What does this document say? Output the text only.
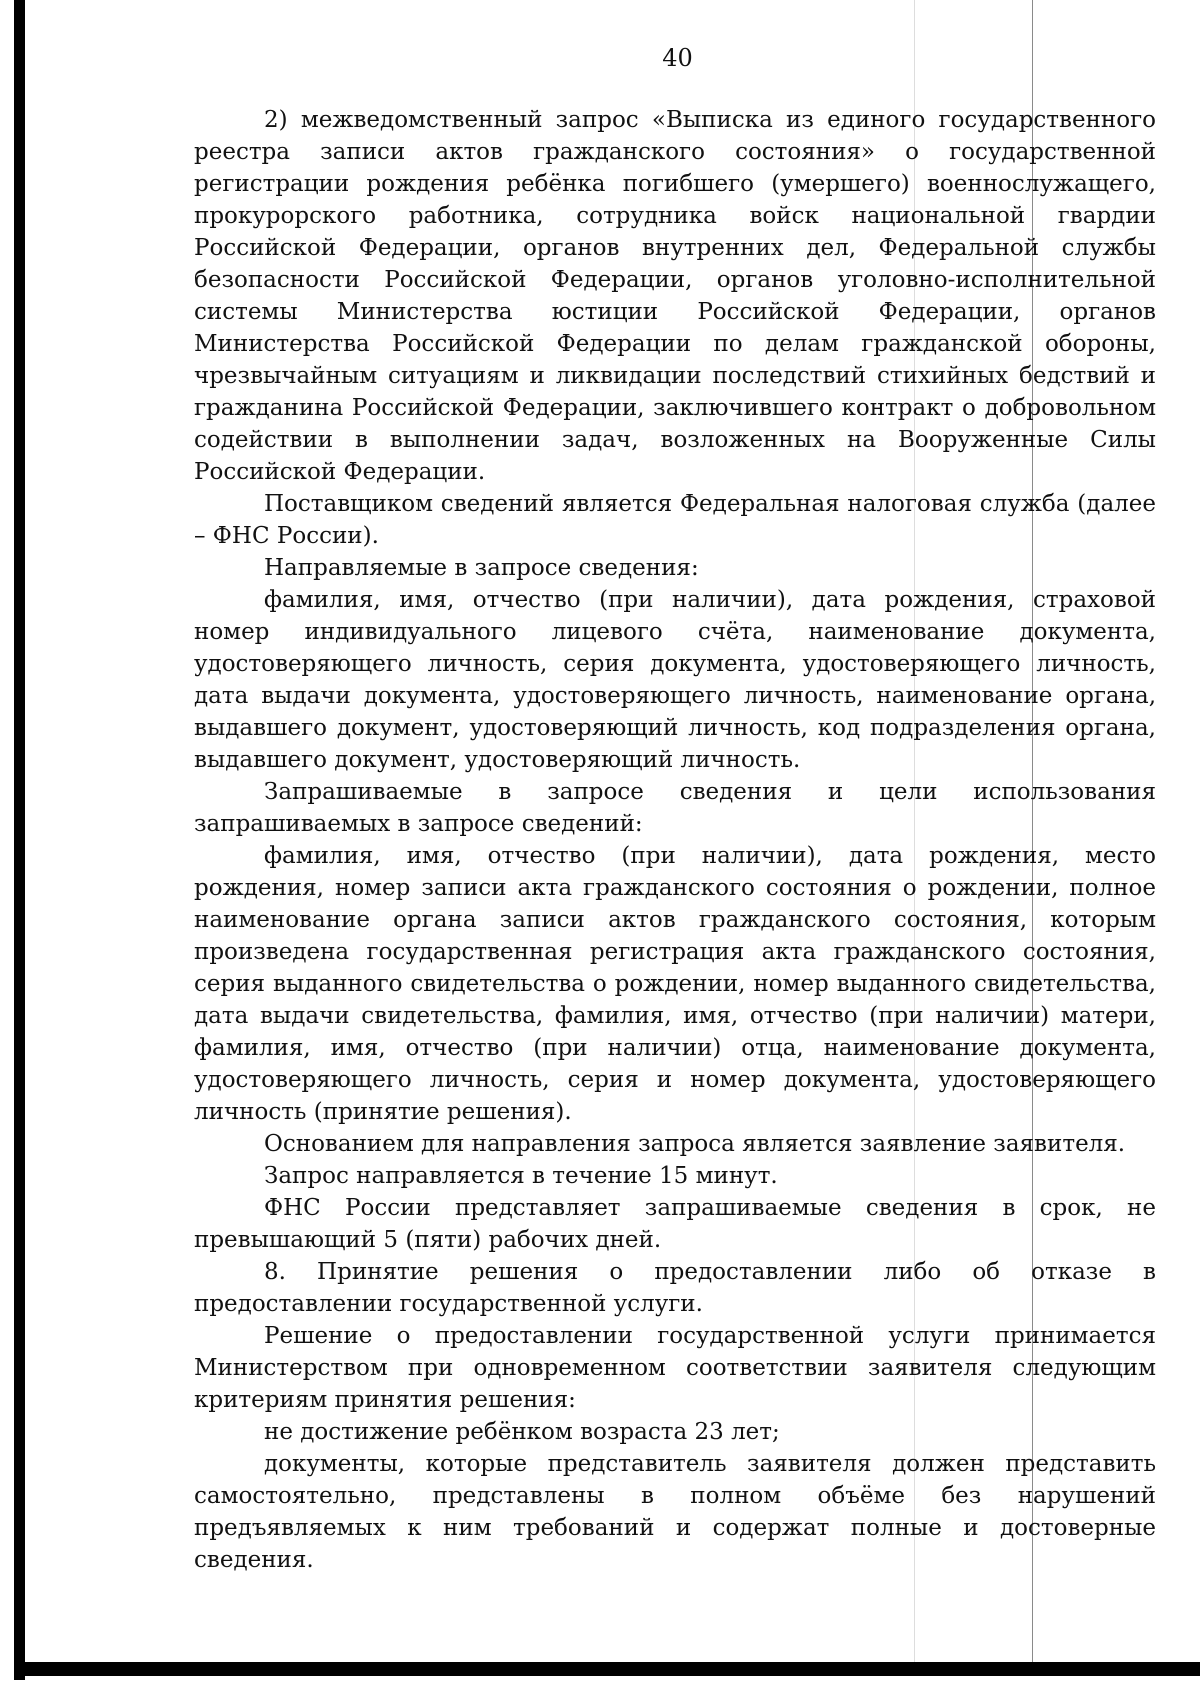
40

2) межведомственный запрос «Выписка из единого государственного реестра записи актов гражданского состояния» о государственной регистрации рождения ребёнка погибшего (умершего) военнослужащего, прокурорского работника, сотрудника войск национальной гвардии Российской Федерации, органов внутренних дел, Федеральной службы безопасности Российской Федерации, органов уголовно-исполнительной системы Министерства юстиции Российской Федерации, органов Министерства Российской Федерации по делам гражданской обороны, чрезвычайным ситуациям и ликвидации последствий стихийных бедствий и гражданина Российской Федерации, заключившего контракт о добровольном содействии в выполнении задач, возложенных на Вооруженные Силы Российской Федерации.

Поставщиком сведений является Федеральная налоговая служба (далее – ФНС России).

Направляемые в запросе сведения:

фамилия, имя, отчество (при наличии), дата рождения, страховой номер индивидуального лицевого счёта, наименование документа, удостоверяющего личность, серия документа, удостоверяющего личность, дата выдачи документа, удостоверяющего личность, наименование органа, выдавшего документ, удостоверяющий личность, код подразделения органа, выдавшего документ, удостоверяющий личность.

Запрашиваемые в запросе сведения и цели использования запрашиваемых в запросе сведений:

фамилия, имя, отчество (при наличии), дата рождения, место рождения, номер записи акта гражданского состояния о рождении, полное наименование органа записи актов гражданского состояния, которым произведена государственная регистрация акта гражданского состояния, серия выданного свидетельства о рождении, номер выданного свидетельства, дата выдачи свидетельства, фамилия, имя, отчество (при наличии) матери, фамилия, имя, отчество (при наличии) отца, наименование документа, удостоверяющего личность, серия и номер документа, удостоверяющего личность (принятие решения).

Основанием для направления запроса является заявление заявителя.

Запрос направляется в течение 15 минут.

ФНС России представляет запрашиваемые сведения в срок, не превышающий 5 (пяти) рабочих дней.

8. Принятие решения о предоставлении либо об отказе в предоставлении государственной услуги.

Решение о предоставлении государственной услуги принимается Министерством при одновременном соответствии заявителя следующим критериям принятия решения:

не достижение ребёнком возраста 23 лет;

документы, которые представитель заявителя должен представить самостоятельно, представлены в полном объёме без нарушений предъявляемых к ним требований и содержат полные и достоверные сведения.
